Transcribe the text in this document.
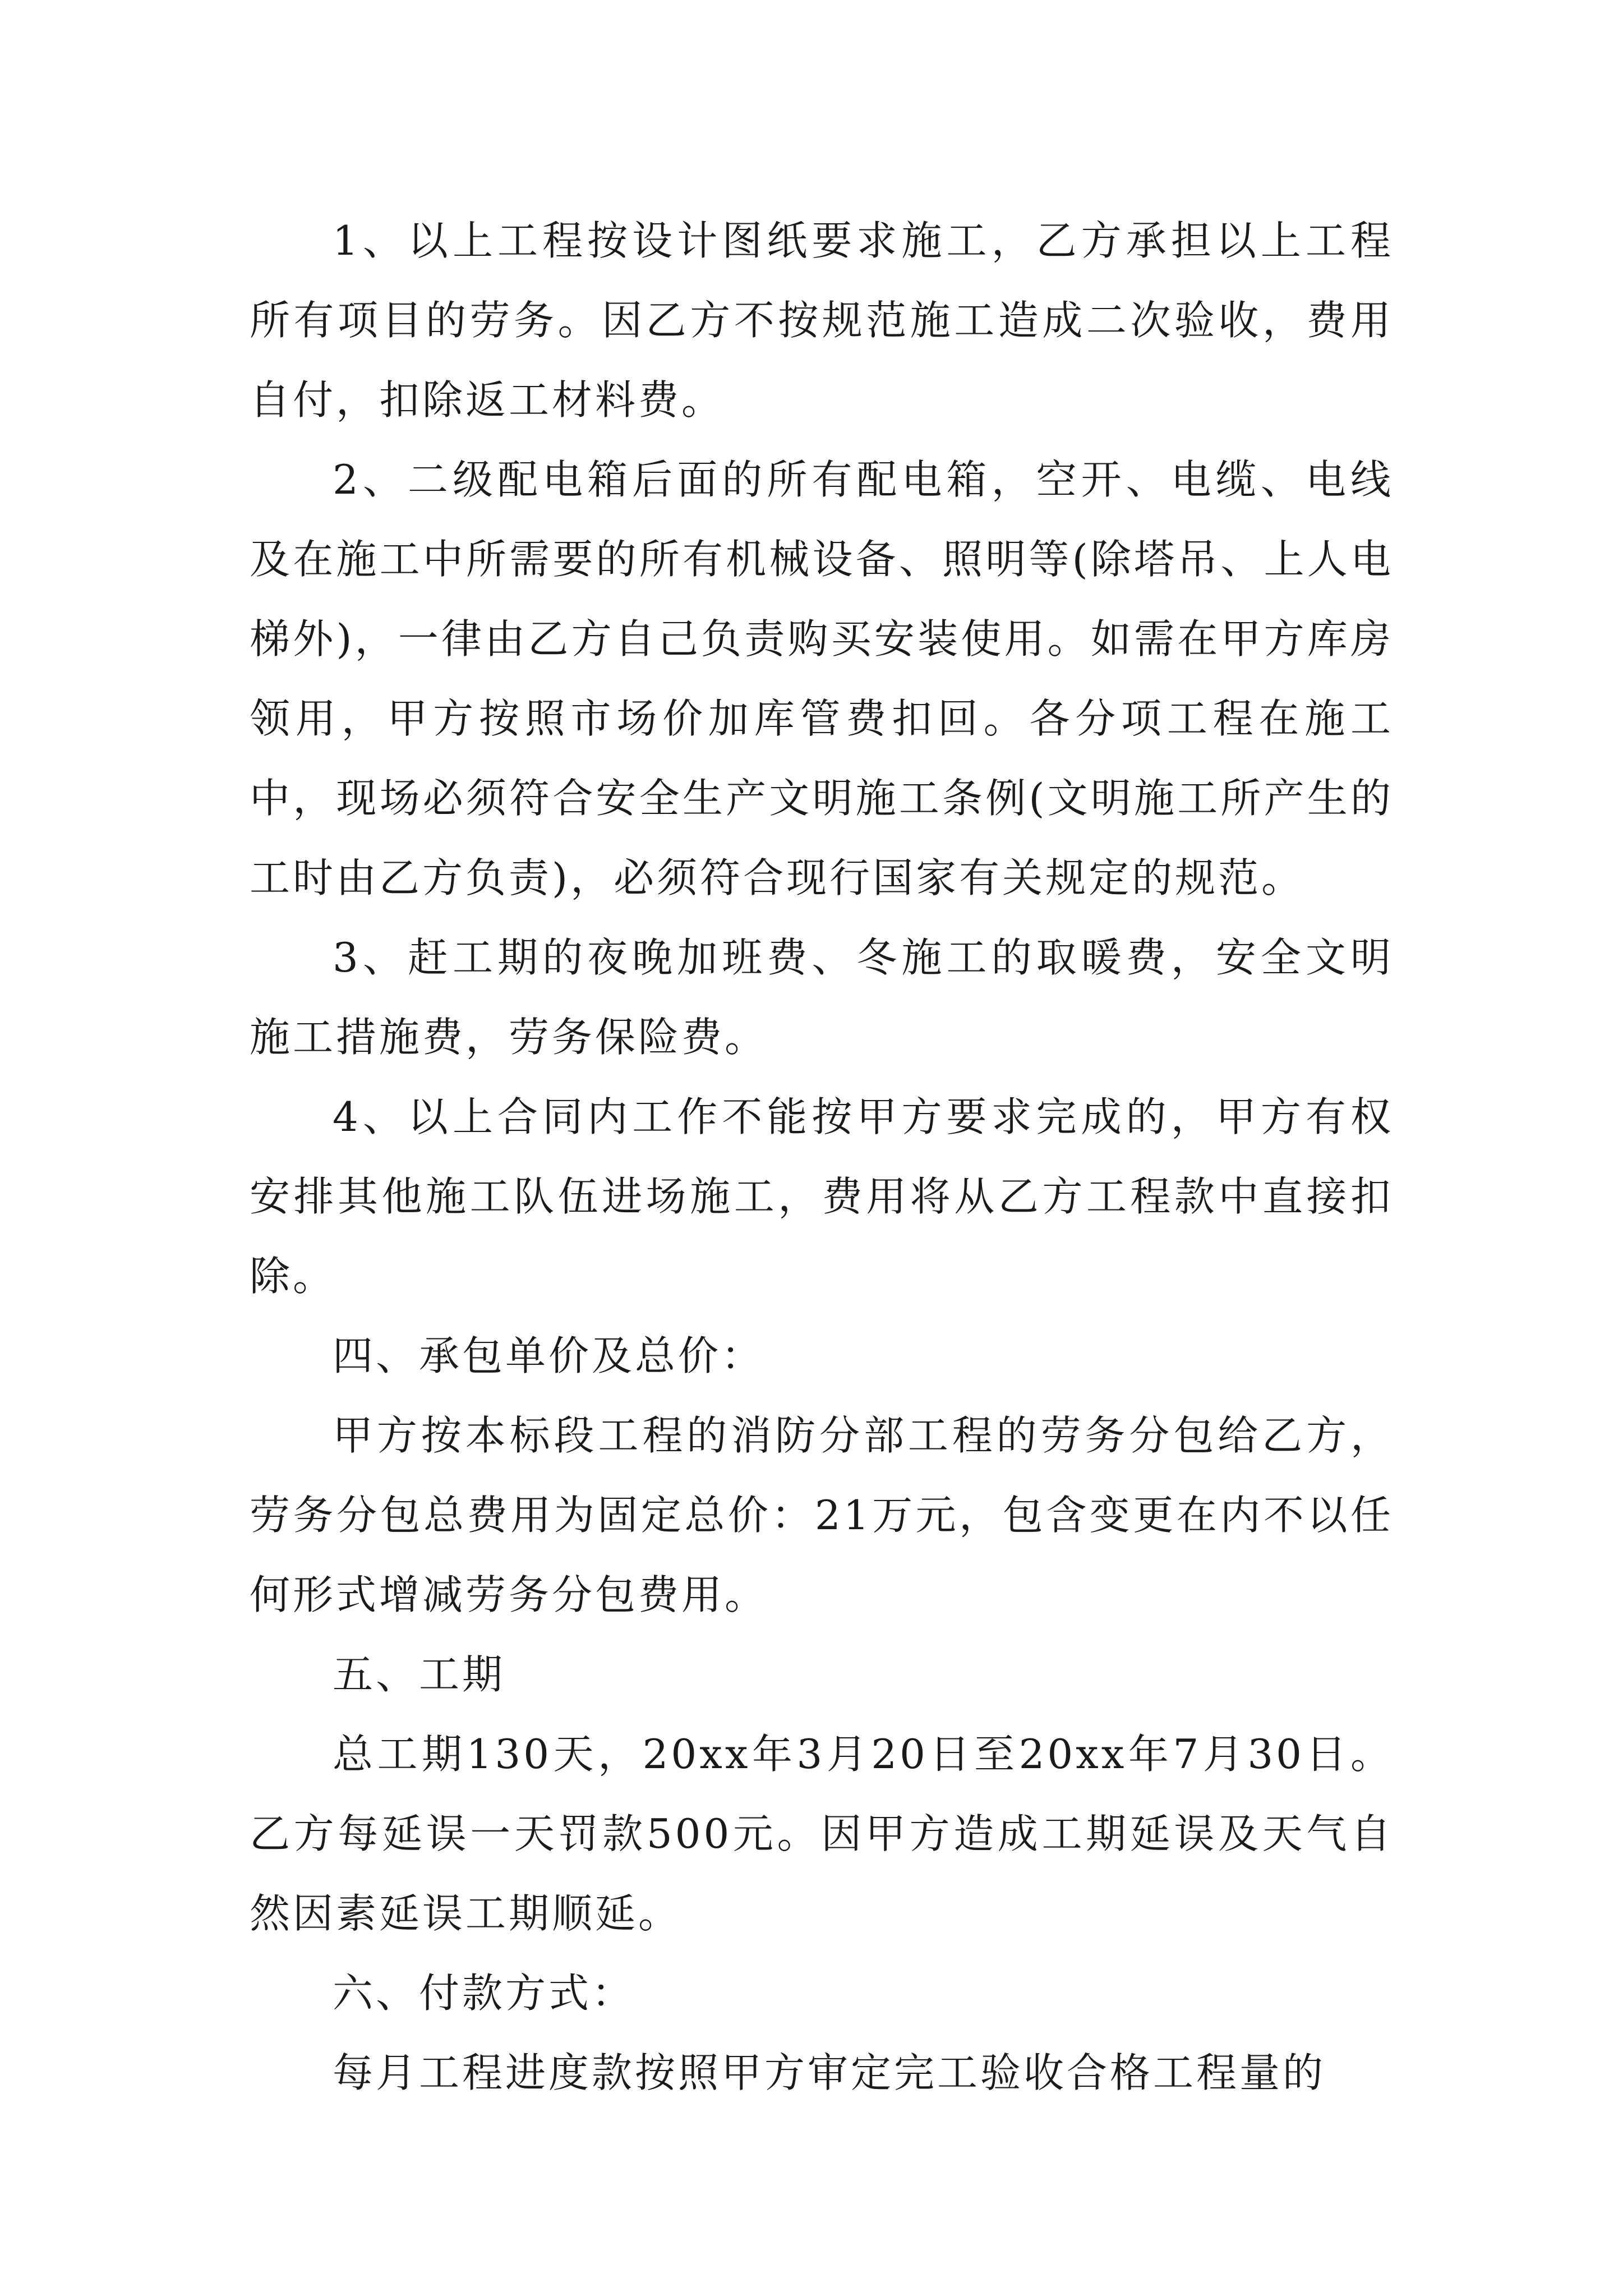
1、以上工程按设计图纸要求施工，乙方承担以上工程所有项目的劳务。因乙方不按规范施工造成二次验收，费用自付，扣除返工材料费。

2、二级配电箱后面的所有配电箱，空开、电缆、电线及在施工中所需要的所有机械设备、照明等(除塔吊、上人电梯外)，一律由乙方自己负责购买安装使用。如需在甲方库房领用，甲方按照市场价加库管费扣回。各分项工程在施工中，现场必须符合安全生产文明施工条例(文明施工所产生的工时由乙方负责)，必须符合现行国家有关规定的规范。

3、赶工期的夜晚加班费、冬施工的取暖费，安全文明施工措施费，劳务保险费。

4、以上合同内工作不能按甲方要求完成的，甲方有权安排其他施工队伍进场施工，费用将从乙方工程款中直接扣除。

四、承包单价及总价：

甲方按本标段工程的消防分部工程的劳务分包给乙方，劳务分包总费用为固定总价：21万元，包含变更在内不以任何形式增减劳务分包费用。

五、工期

总工期130天，20xx年3月20日至20xx年7月30日。乙方每延误一天罚款500元。因甲方造成工期延误及天气自然因素延误工期顺延。

六、付款方式：

每月工程进度款按照甲方审定完工验收合格工程量的
